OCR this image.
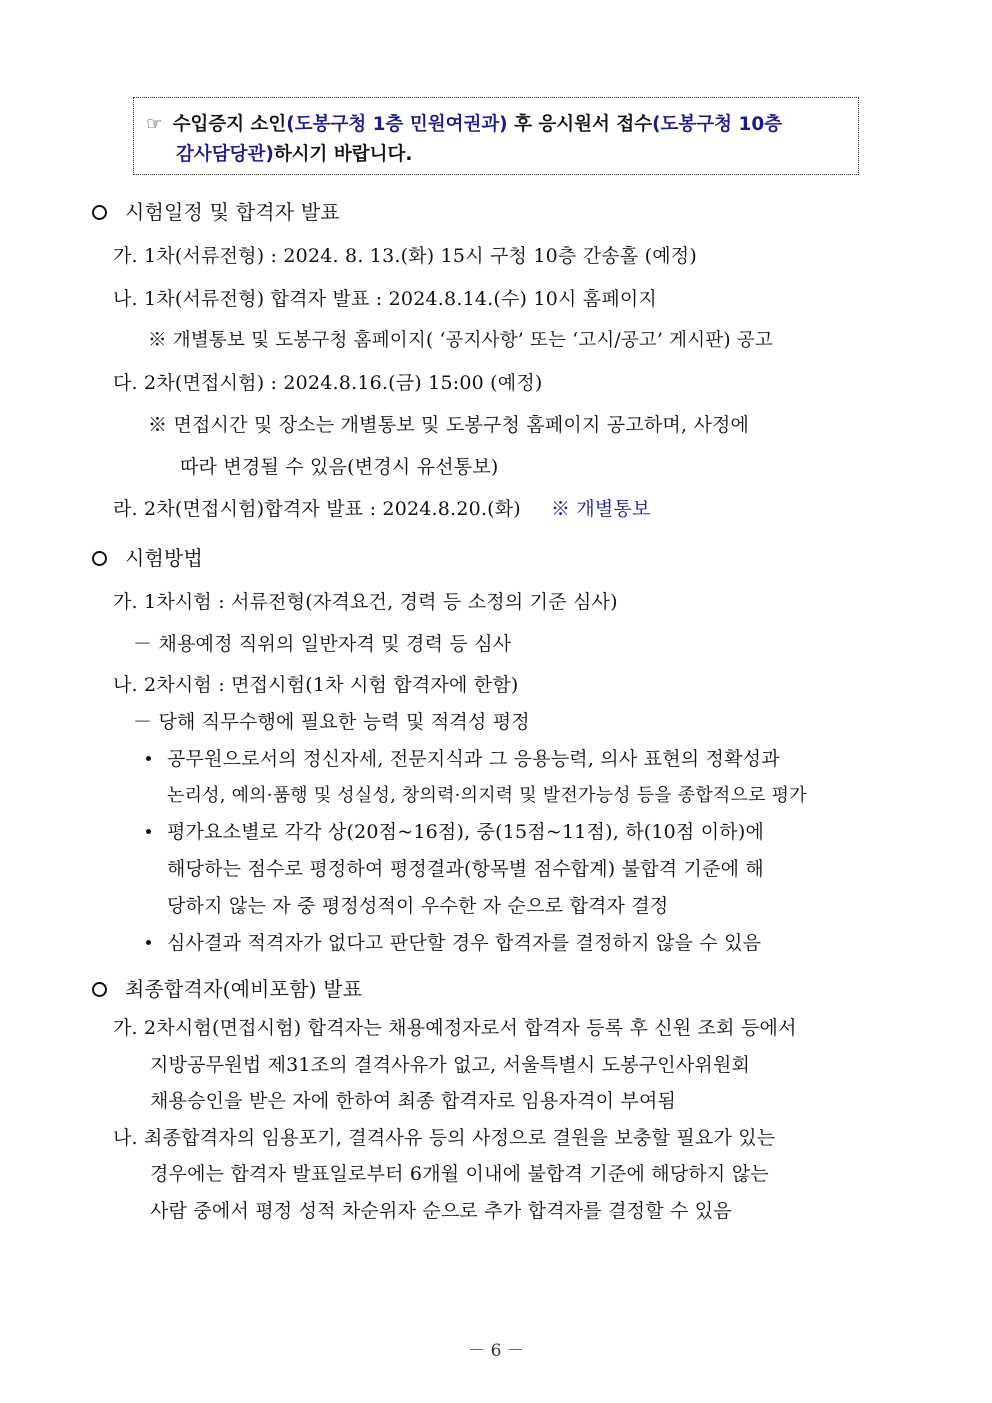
☞ 수입증지 소인(도봉구청 1층 민원여권과) 후 응시원서 접수(도봉구청 10층
감사담당관)하시기 바랍니다.
시험일정 및 합격자 발표
가. 1차(서류전형) : 2024. 8. 13.(화) 15시 구청 10층 간송홀 (예정)
나. 1차(서류전형) 합격자 발표 : 2024.8.14.(수) 10시 홈페이지
※ 개별통보 및 도봉구청 홈페이지( ‘공지사항’ 또는 ‘고시/공고’ 게시판) 공고
다. 2차(면접시험) : 2024.8.16.(금) 15:00 (예정)
※ 면접시간 및 장소는 개별통보 및 도봉구청 홈페이지 공고하며, 사정에
따라 변경될 수 있음(변경시 유선통보)
라. 2차(면접시험)합격자 발표 : 2024.8.20.(화) ※ 개별통보
시험방법
가. 1차시험 : 서류전형(자격요건, 경력 등 소정의 기준 심사)
－ 채용예정 직위의 일반자격 및 경력 등 심사
나. 2차시험 : 면접시험(1차 시험 합격자에 한함)
－ 당해 직무수행에 필요한 능력 및 적격성 평정
공무원으로서의 정신자세, 전문지식과 그 응용능력, 의사 표현의 정확성과
논리성, 예의·품행 및 성실성, 창의력·의지력 및 발전가능성 등을 종합적으로 평가
평가요소별로 각각 상(20점~16점), 중(15점~11점), 하(10점 이하)에
해당하는 점수로 평정하여 평정결과(항목별 점수합계) 불합격 기준에 해
당하지 않는 자 중 평정성적이 우수한 자 순으로 합격자 결정
심사결과 적격자가 없다고 판단할 경우 합격자를 결정하지 않을 수 있음
최종합격자(예비포함) 발표
가. 2차시험(면접시험) 합격자는 채용예정자로서 합격자 등록 후 신원 조회 등에서
지방공무원법 제31조의 결격사유가 없고, 서울특별시 도봉구인사위원회
채용승인을 받은 자에 한하여 최종 합격자로 임용자격이 부여됨
나. 최종합격자의 임용포기, 결격사유 등의 사정으로 결원을 보충할 필요가 있는
경우에는 합격자 발표일로부터 6개월 이내에 불합격 기준에 해당하지 않는
사람 중에서 평정 성적 차순위자 순으로 추가 합격자를 결정할 수 있음
－ 6 －
